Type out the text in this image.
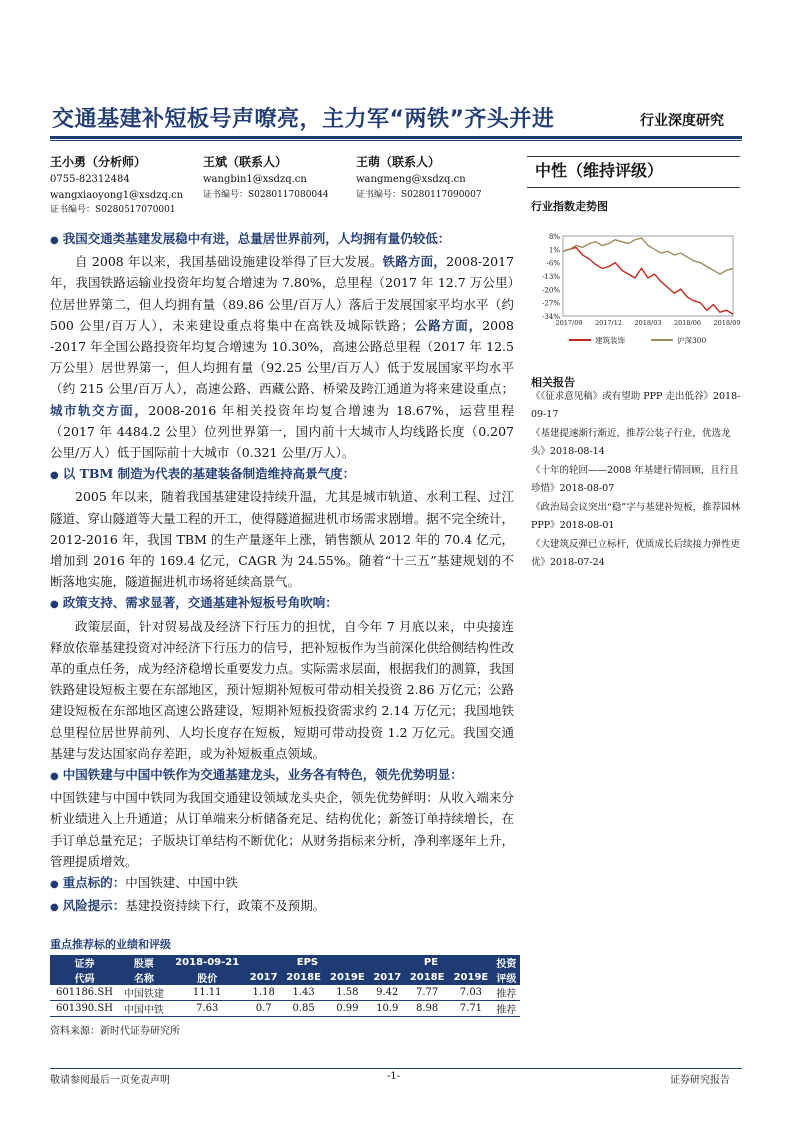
交通基建补短板号声嘹亮，主力军“两铁”齐头并进	行业深度研究
王小勇（分析师）
0755-82312484
wangxiaoyong1@xsdzq.cn
证书编号：S0280517070001
王斌（联系人）
wangbin1@xsdzq.cn
证书编号：S0280117080044
王萌（联系人）
wangmeng@xsdzq.cn
证书编号：S0280117090007

● 我国交通类基建发展稳中有进，总量居世界前列，人均拥有量仍较低：

自 2008 年以来，我国基础设施建设举得了巨大发展。铁路方面，2008-2017 年，我国铁路运输业投资年均复合增速为 7.80%，总里程（2017 年 12.7 万公里）位居世界第二，但人均拥有量（89.86 公里/百万人）落后于发展国家平均水平（约 500 公里/百万人），未来建设重点将集中在高铁及城际铁路；公路方面，2008 -2017 年全国公路投资年均复合增速为 10.30%，高速公路总里程（2017 年 12.5 万公里）居世界第一，但人均拥有量（92.25 公里/百万人）低于发展国家平均水平（约 215 公里/百万人），高速公路、西藏公路、桥梁及跨江通道为将来建设重点；城市轨交方面，2008-2016 年相关投资年均复合增速为 18.67%，运营里程（2017 年 4484.2 公里）位列世界第一，国内前十大城市人均线路长度（0.207 公里/万人）低于国际前十大城市（0.321 公里/万人）。

● 以 TBM 制造为代表的基建装备制造维持高景气度：

2005 年以来，随着我国基建建设持续升温，尤其是城市轨道、水利工程、过江隧道、穿山隧道等大量工程的开工，使得隧道掘进机市场需求剧增。据不完全统计，2012-2016 年，我国 TBM 的生产量逐年上涨，销售额从 2012 年的 70.4 亿元，增加到 2016 年的 169.4 亿元，CAGR 为 24.55%。随着“十三五”基建规划的不断落地实施，隧道掘进机市场将延续高景气。

● 政策支持、需求显著，交通基建补短板号角吹响：

政策层面，针对贸易战及经济下行压力的担忧，自今年 7 月底以来，中央接连释放依靠基建投资对冲经济下行压力的信号，把补短板作为当前深化供给侧结构性改革的重点任务，成为经济稳增长重要发力点。实际需求层面，根据我们的测算，我国铁路建设短板主要在东部地区，预计短期补短板可带动相关投资 2.86 万亿元；公路建设短板在东部地区高速公路建设，短期补短板投资需求约 2.14 万亿元；我国地铁总里程位居世界前列、人均长度存在短板，短期可带动投资 1.2 万亿元。我国交通基建与发达国家尚存差距，或为补短板重点领域。

● 中国铁建与中国中铁作为交通基建龙头，业务各有特色，领先优势明显：

中国铁建与中国中铁同为我国交通建设领域龙头央企，领先优势鲜明：从收入端来分析业绩进入上升通道；从订单端来分析储备充足、结构优化；新签订单持续增长，在手订单总量充足；子版块订单结构不断优化；从财务指标来分析，净利率逐年上升，管理提质增效。

● 重点标的：中国铁建、中国中铁

● 风险提示：基建投资持续下行，政策不及预期。

重点推荐标的业绩和评级
证券	股票	2018-09-21	EPS			PE			投资
代码	名称	股价	2017	2018E	2019E	2017	2018E	2019E	评级
601186.SH	中国铁建	11.11	1.18	1.43	1.58	9.42	7.77	7.03	推荐
601390.SH	中国中铁	7.63	0.7	0.85	0.99	10.9	8.98	7.71	推荐
资料来源：新时代证券研究所
中性（维持评级）
行业指数走势图
8%
1%
-6%
-13%
-20%
-27%
-34%
2017/09 2017/12 2018/03 2018/06 2018/09
建筑装饰	沪深300
相关报告
《《征求意见稿》或有望助 PPP 走出低谷》2018-09-17
《基建提速渐行渐近，推荐公装子行业，优选龙头》2018-08-14
《十年的轮回——2008 年基建行情回顾，且行且珍惜》2018-08-07
《政治局会议突出“稳”字与基建补短板，推荐园林 PPP》2018-08-01
《大建筑反弹已立标杆，优质成长后续接力弹性更优》2018-07-24
敬请参阅最后一页免责声明	-1-	证券研究报告
